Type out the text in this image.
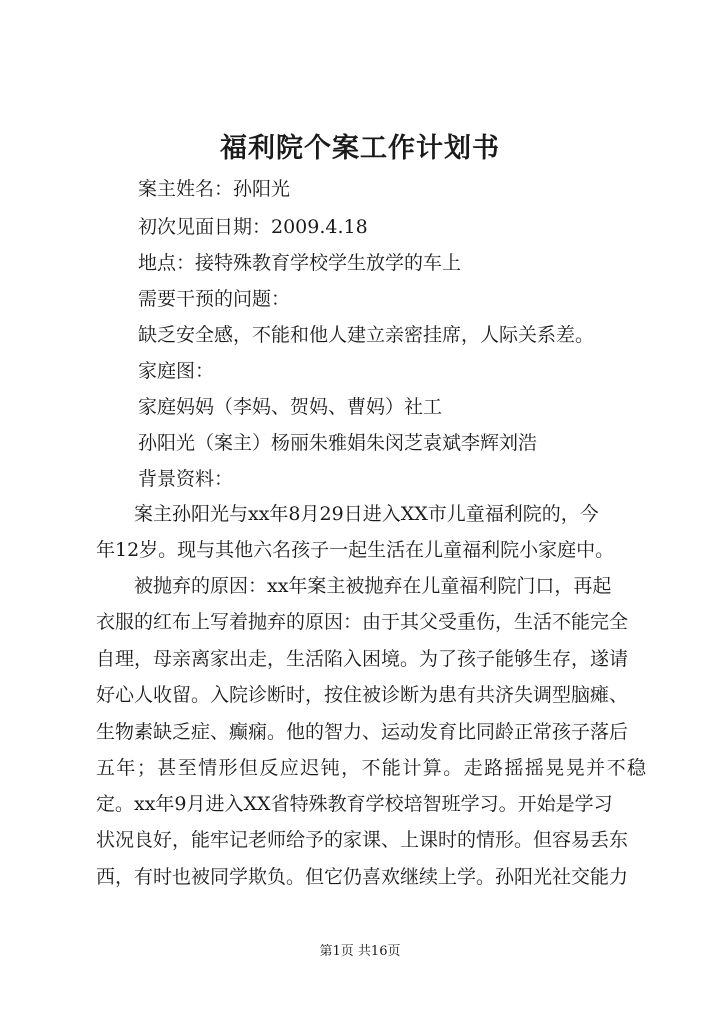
福利院个案工作计划书

案主姓名：孙阳光

初次见面日期：2009.4.18

地点：接特殊教育学校学生放学的车上

需要干预的问题：

缺乏安全感，不能和他人建立亲密挂席，人际关系差。

家庭图：

家庭妈妈（李妈、贺妈、曹妈）社工

孙阳光（案主）杨丽朱雅娟朱闵芝袁斌李辉刘浩

背景资料：

案主孙阳光与xx年8月29日进入XX市儿童福利院的，今
年12岁。现与其他六名孩子一起生活在儿童福利院小家庭中。
被抛弃的原因：xx年案主被抛弃在儿童福利院门口，再起
衣服的红布上写着抛弃的原因：由于其父受重伤，生活不能完全
自理，母亲离家出走，生活陷入困境。为了孩子能够生存，遂请
好心人收留。入院诊断时，按住被诊断为患有共济失调型脑瘫、
生物素缺乏症、癫痫。他的智力、运动发育比同龄正常孩子落后
五年；甚至情形但反应迟钝，不能计算。走路摇摇晃晃并不稳定。 xx年9月进入XX省特殊教育学校培智班学习。开始是学习
状况良好，能牢记老师给予的家课、上课时的情形。但容易丢东
西，有时也被同学欺负。但它仍喜欢继续上学。孙阳光社交能力

第1页 共16页
